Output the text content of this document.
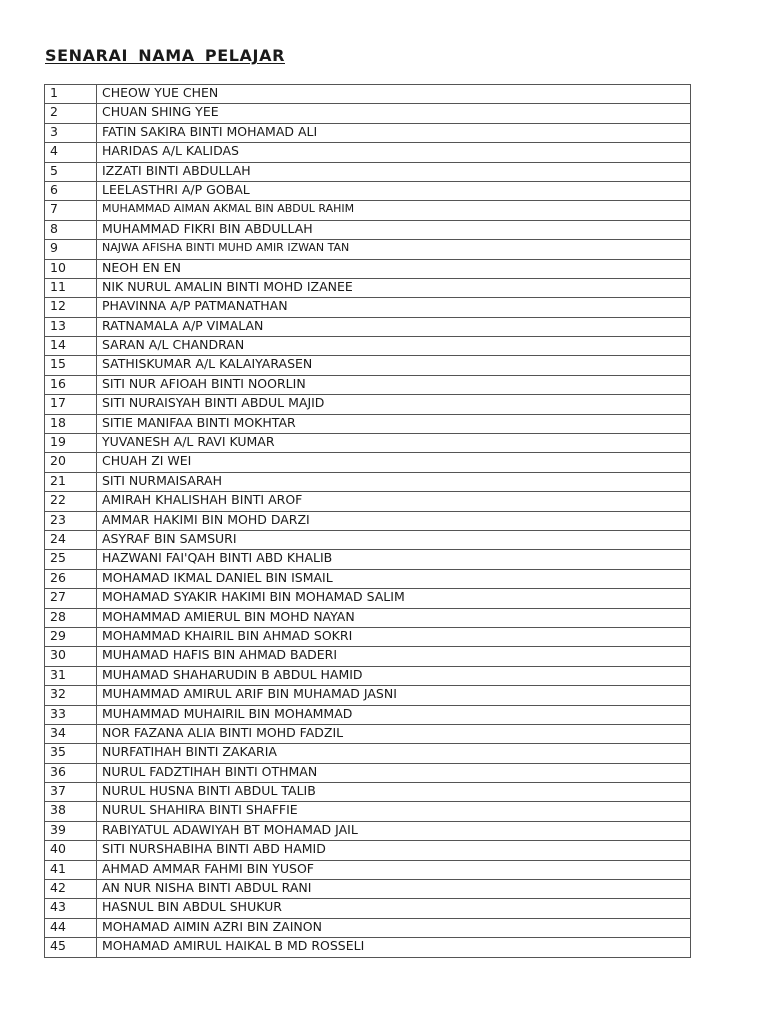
SENARAI NAMA PELAJAR
1	CHEOW YUE CHEN
2	CHUAN SHING YEE
3	FATIN SAKIRA BINTI MOHAMAD ALI
4	HARIDAS A/L KALIDAS
5	IZZATI BINTI ABDULLAH
6	LEELASTHRI A/P GOBAL
7	MUHAMMAD AIMAN AKMAL BIN ABDUL RAHIM
8	MUHAMMAD FIKRI BIN ABDULLAH
9	NAJWA AFISHA BINTI MUHD AMIR IZWAN TAN
10	NEOH EN EN
11	NIK NURUL AMALIN BINTI MOHD IZANEE
12	PHAVINNA A/P PATMANATHAN
13	RATNAMALA A/P VIMALAN
14	SARAN A/L CHANDRAN
15	SATHISKUMAR A/L KALAIYARASEN
16	SITI NUR AFIOAH BINTI NOORLIN
17	SITI NURAISYAH BINTI ABDUL MAJID
18	SITIE MANIFAA BINTI MOKHTAR
19	YUVANESH A/L RAVI KUMAR
20	CHUAH ZI WEI
21	SITI NURMAISARAH
22	AMIRAH KHALISHAH BINTI AROF
23	AMMAR HAKIMI BIN MOHD DARZI
24	ASYRAF BIN SAMSURI
25	HAZWANI FAI'QAH BINTI ABD KHALIB
26	MOHAMAD IKMAL DANIEL BIN ISMAIL
27	MOHAMAD SYAKIR HAKIMI BIN MOHAMAD SALIM
28	MOHAMMAD AMIERUL BIN MOHD NAYAN
29	MOHAMMAD KHAIRIL BIN AHMAD SOKRI
30	MUHAMAD HAFIS BIN AHMAD BADERI
31	MUHAMAD SHAHARUDIN B ABDUL HAMID
32	MUHAMMAD AMIRUL ARIF BIN MUHAMAD JASNI
33	MUHAMMAD MUHAIRIL BIN MOHAMMAD
34	NOR FAZANA ALIA BINTI MOHD FADZIL
35	NURFATIHAH BINTI ZAKARIA
36	NURUL FADZTIHAH BINTI OTHMAN
37	NURUL HUSNA BINTI ABDUL TALIB
38	NURUL SHAHIRA BINTI SHAFFIE
39	RABIYATUL ADAWIYAH BT MOHAMAD JAIL
40	SITI NURSHABIHA BINTI ABD HAMID
41	AHMAD AMMAR FAHMI BIN YUSOF
42	AN NUR NISHA BINTI ABDUL RANI
43	HASNUL BIN ABDUL SHUKUR
44	MOHAMAD AIMIN AZRI BIN ZAINON
45	MOHAMAD AMIRUL HAIKAL B MD ROSSELI
